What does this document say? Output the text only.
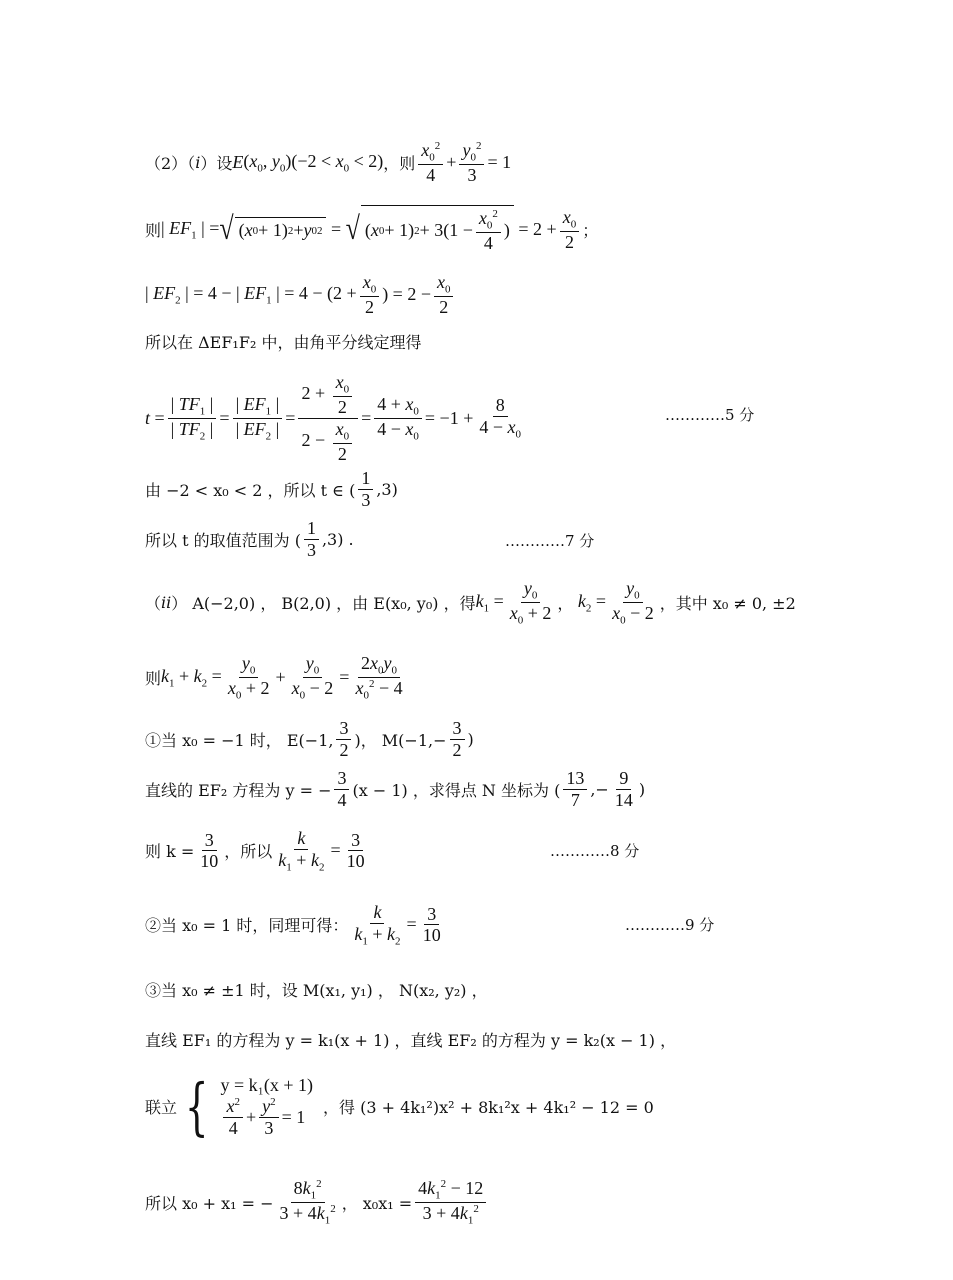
（2）（ i ）设 E ($x_0$, $y_0)(-2 < x_0 < 2)$ ，则 $\frac{x_0^2}{4} + \frac{y_0^2}{3} = 1$
则 | $EF_1$ | = √ ( x 0 + 1) 2 + y 0 2 = √ ( x 0 + 1) $2 + 3(1 - \frac{x_0^2}{4}$ ) = $2 + \frac{x_0}{2}$ ；
| $EF_2$ | = 4 − | $EF_1$ | = $4 - (2 + \frac{x_0}{2}$ ) = $2 - \frac{x_0}{2}$
所以在 ΔEF₁F₂ 中，由角平分线定理得
$t = \frac{| TF_1 |}{| TF_2 |} = \frac{| EF_1 |}{| EF_2 |} = \frac{2 + \frac{x_0}{2}}{2 - \frac{x_0}{2}} = \frac{4 + x_0}{4 - x_0} = -1 + \frac{8}{4 - x_0}$	…………5 分
由 −2 < x₀ < 2 ，所以 t ∈ ( $\frac{1}{3} ,3$)
所以 t 的取值范围为 ( $\frac{1}{3} ,3$) .	…………7 分
（ ii ） A(−2,0) ， B(2,0) ，由 E(x₀, y₀) ，得 $k_1 = \frac{y_0}{x_0 + 2}$ ， $k_2 = \frac{y_0}{x_0 - 2}$ ，其中 x₀ ≠ 0, ±2
则 $k_1 + k_2 = \frac{y_0}{x_0 + 2} + \frac{y_0}{x_0 - 2} = \frac{2x_0y_0}{x_0^2 - 4}$
①当 x₀ = −1 时， E(−1, $\frac{3}{2}$ )， $M(-1,- \frac{3}{2}$ )
直线的 EF₂ 方程为 y = − $\frac{3}{4} (x - 1)$ ，求得点 N 坐标为 ( $\frac{13}{7}$ ,− $\frac{9}{14}$ )
则 $k = \frac{3}{10}$ ，所以 $\frac{k}{k_1 + k_2} = \frac{3}{10}$	…………8 分
②当 x₀ = 1 时，同理可得： $\frac{k}{k_1 + k_2} = \frac{3}{10}$	…………9 分
③当 x₀ ≠ ±1 时，设 M(x₁, y₁) ， N(x₂, y₂) ，
直线 EF₁ 的方程为 y = k₁(x + 1) ，直线 EF₂ 的方程为 y = k₂(x − 1) ，
联立 { y = k₁(x + 1)
$\frac{x^2}{4} + \frac{y^2}{3} = 1$	，得 (3 + 4k₁²)x² + 8k₁²x + 4k₁² − 12 = 0
所以 x₀ + x₁ = − $\frac{8k_1^2}{3 + 4k_1^2}$ ， $x_0x_1 = \frac{4k_1^2 - 12}{3 + 4k_1^2}$
